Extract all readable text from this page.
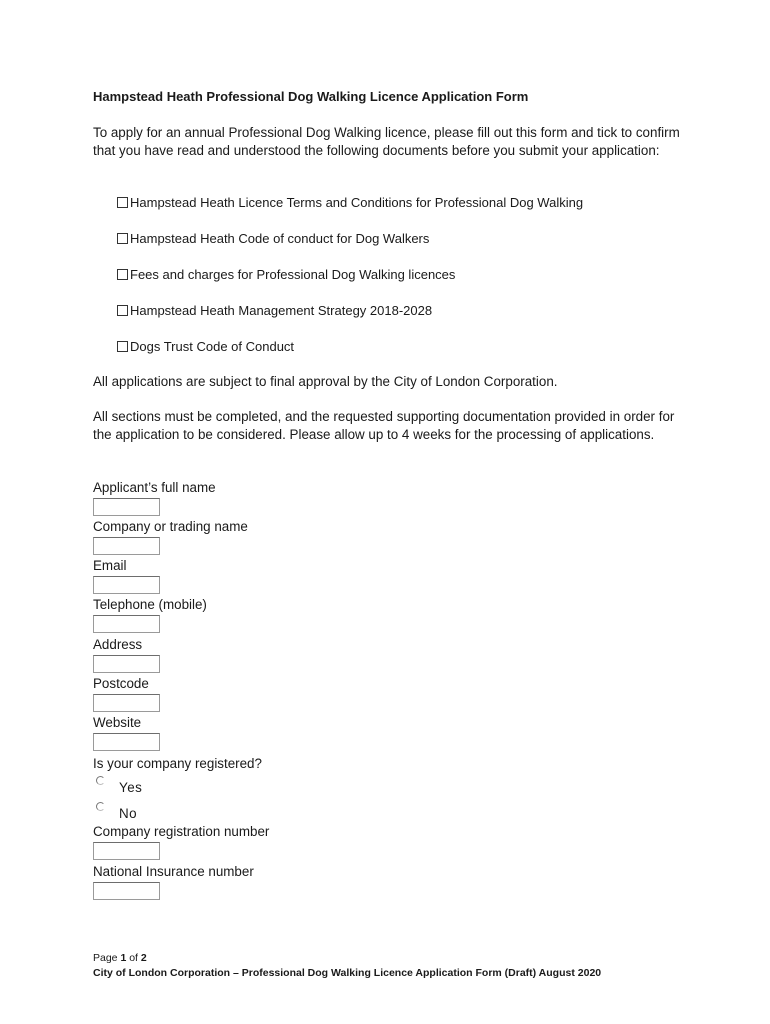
Hampstead Heath Professional Dog Walking Licence Application Form
To apply for an annual Professional Dog Walking licence, please fill out this form and tick to confirm that you have read and understood the following documents before you submit your application:
Hampstead Heath Licence Terms and Conditions for Professional Dog Walking
Hampstead Heath Code of conduct for Dog Walkers
Fees and charges for Professional Dog Walking licences
Hampstead Heath Management Strategy 2018-2028
Dogs Trust Code of Conduct
All applications are subject to final approval by the City of London Corporation.
All sections must be completed, and the requested supporting documentation provided in order for the application to be considered. Please allow up to 4 weeks for the processing of applications.
Applicant’s full name
Company or trading name
Email
Telephone (mobile)
Address
Postcode
Website
Is your company registered?
Yes
No
Company registration number
National Insurance number
Page 1 of 2
City of London Corporation – Professional Dog Walking Licence Application Form (Draft) August 2020
